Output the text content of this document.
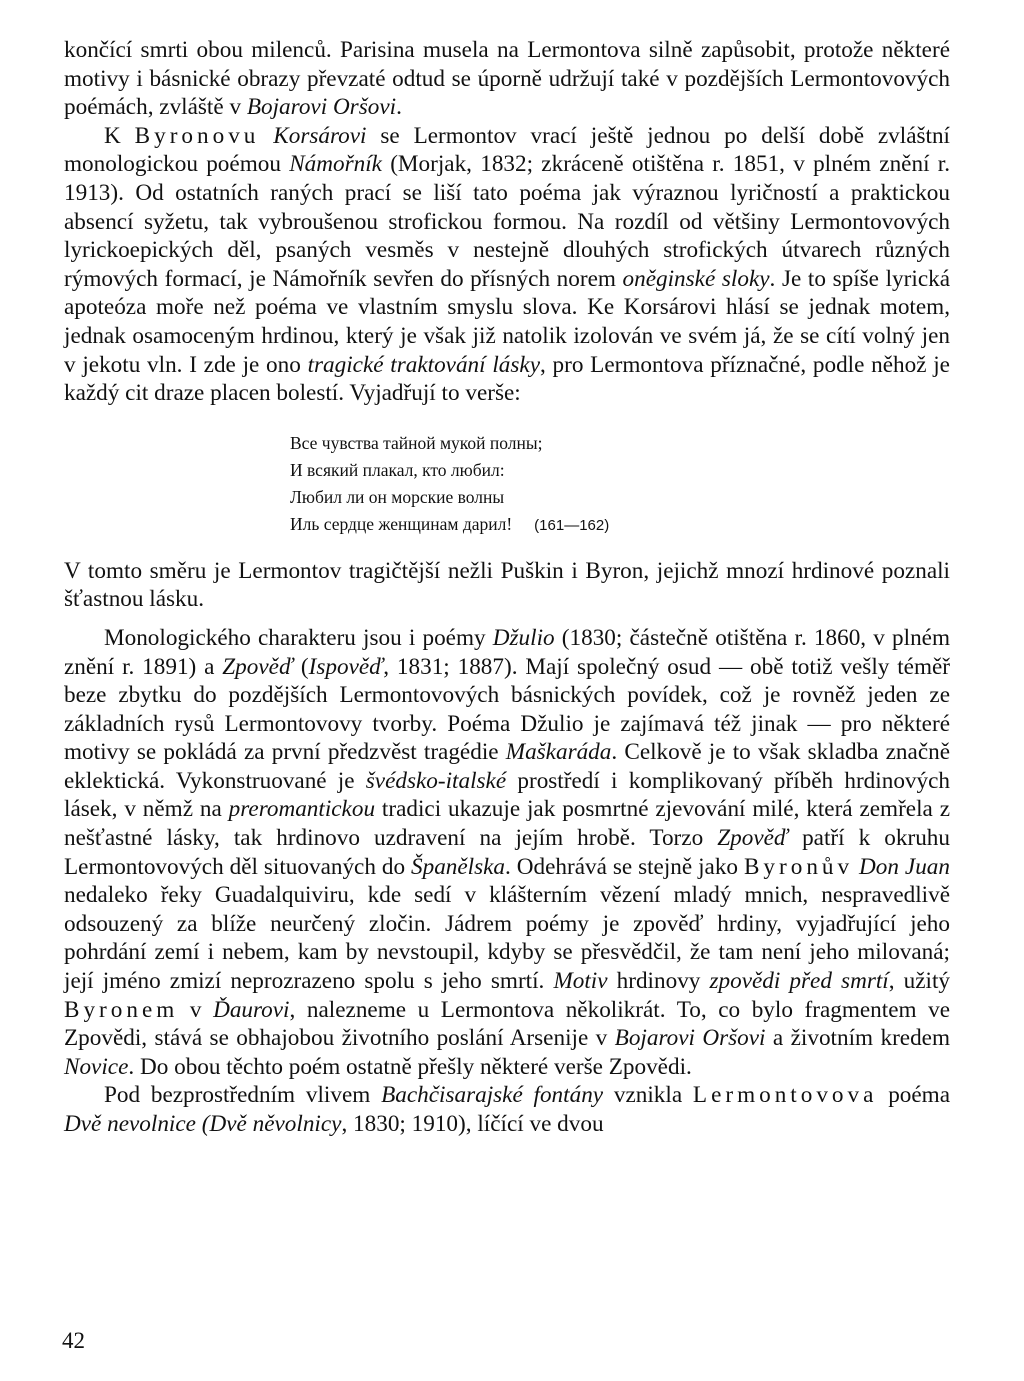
končící smrti obou milenců. Parisina musela na Lermontova silně zapůsobit, protože některé motivy i básnické obrazy převzaté odtud se úporně udržují také v pozdějších Lermontovových poémách, zvláště v Bojarovi Oršovi.

K Byronovu Korsárovi se Lermontov vrací ještě jednou po delší době zvláštní monologickou poémou Námořník (Morjak, 1832; zkráceně otištěna r. 1851, v plném znění r. 1913). Od ostatních raných prací se liší tato poéma jak výraznou lyričností a praktickou absencí syžetu, tak vybroušenou strofickou formou. Na rozdíl od většiny Lermontovových lyrickoepických děl, psaných vesměs v nestejně dlouhých strofických útvarech různých rýmových formací, je Námořník sevřen do přísných norem oněginské sloky. Je to spíše lyrická apoteóza moře než poéma ve vlastním smyslu slova. Ke Korsárovi hlásí se jednak motem, jednak osamoceným hrdinou, který je však již natolik izolován ve svém já, že se cítí volný jen v jekotu vln. I zde je ono tragické traktování lásky, pro Lermontova příznačné, podle něhož je každý cit draze placen bolestí. Vyjadřují to verše:

Все чувства тайной мукой полны;
И всякий плакал, кто любил:
Любил ли он морские волны
Иль сердце женщинам дарил! (161—162)

V tomto směru je Lermontov tragičtější nežli Puškin i Byron, jejichž mnozí hrdinové poznali šťastnou lásku.

Monologického charakteru jsou i poémy Džulio (1830; částečně otištěna r. 1860, v plném znění r. 1891) a Zpověď (Ispověď, 1831; 1887). Mají společný osud — obě totiž vešly téměř beze zbytku do pozdějších Lermontovových básnických povídek, což je rovněž jeden ze základních rysů Lermontovovy tvorby. Poéma Džulio je zajímavá též jinak — pro některé motivy se pokládá za první předzvěst tragédie Maškaráda. Celkově je to však skladba značně eklektická. Vykonstruované je švédsko-italské prostředí i komplikovaný příběh hrdinových lásek, v němž na preromantickou tradici ukazuje jak posmrtné zjevování milé, která zemřela z nešťastné lásky, tak hrdinovo uzdravení na jejím hrobě. Torzo Zpověď patří k okruhu Lermontovových děl situovaných do Španělska. Odehrává se stejně jako Byronův Don Juan nedaleko řeky Guadalquiviru, kde sedí v klášterním vězení mladý mnich, nespravedlivě odsouzený za blíže neurčený zločin. Jádrem poémy je zpověď hrdiny, vyjadřující jeho pohrdání zemí i nebem, kam by nevstoupil, kdyby se přesvědčil, že tam není jeho milovaná; její jméno zmizí neprozrazeno spolu s jeho smrtí. Motiv hrdinovy zpovědi před smrtí, užitý Byronem v Ďaurovi, nalezneme u Lermontova několikrát. To, co bylo fragmentem ve Zpovědi, stává se obhajobou životního poslání Arsenije v Bojarovi Oršovi a životním kredem Novice. Do obou těchto poém ostatně přešly některé verše Zpovědi.

Pod bezprostředním vlivem Bachčisarajské fontány vznikla Lermontovova poéma Dvě nevolnice (Dvě něvolnicy, 1830; 1910), líčící ve dvou

42
